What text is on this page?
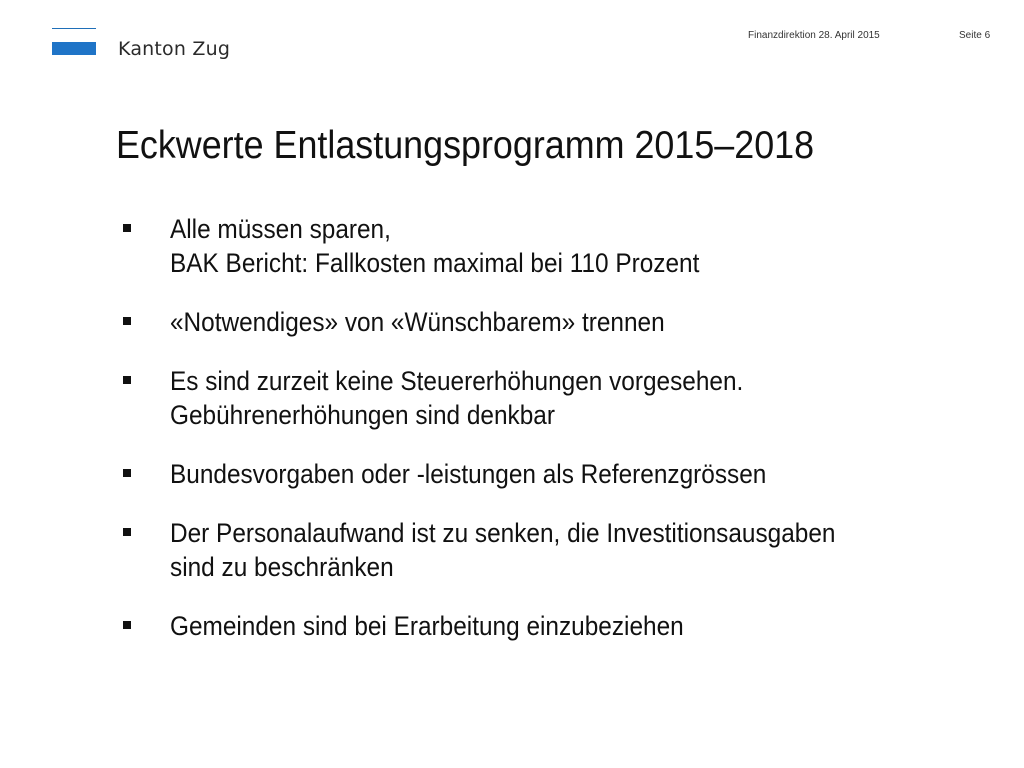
Kanton Zug
Finanzdirektion 28. April 2015	Seite 6
Eckwerte Entlastungsprogramm 2015–2018
Alle müssen sparen,
BAK Bericht: Fallkosten maximal bei 110 Prozent
«Notwendiges» von «Wünschbarem» trennen
Es sind zurzeit keine Steuererhöhungen vorgesehen.
Gebührenerhöhungen sind denkbar
Bundesvorgaben oder -leistungen als Referenzgrössen
Der Personalaufwand ist zu senken, die Investitionsausgaben
sind zu beschränken
Gemeinden sind bei Erarbeitung einzubeziehen
